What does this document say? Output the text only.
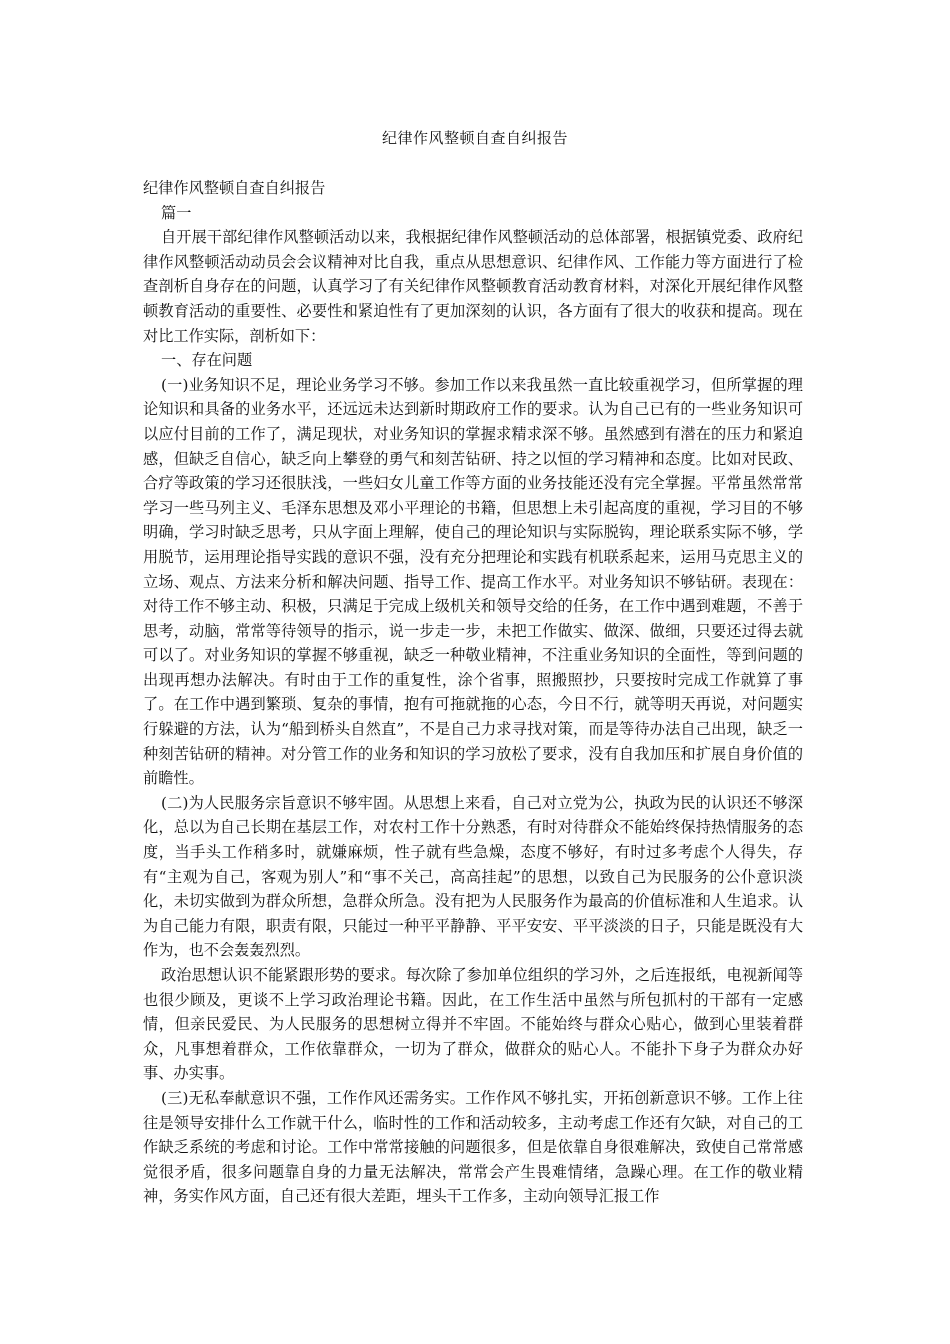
纪律作风整顿自查自纠报告

纪律作风整顿自查自纠报告

篇一

自开展干部纪律作风整顿活动以来，我根据纪律作风整顿活动的总体部署，根据镇党委、政府纪律作风整顿活动动员会会议精神对比自我，重点从思想意识、纪律作风、工作能力等方面进行了检查剖析自身存在的问题，认真学习了有关纪律作风整顿教育活动教育材料，对深化开展纪律作风整顿教育活动的重要性、必要性和紧迫性有了更加深刻的认识，各方面有了很大的收获和提高。现在对比工作实际，剖析如下：

一、存在问题

(一)业务知识不足，理论业务学习不够。参加工作以来我虽然一直比较重视学习，但所掌握的理论知识和具备的业务水平，还远远未达到新时期政府工作的要求。认为自己已有的一些业务知识可以应付目前的工作了，满足现状，对业务知识的掌握求精求深不够。虽然感到有潜在的压力和紧迫感，但缺乏自信心，缺乏向上攀登的勇气和刻苦钻研、持之以恒的学习精神和态度。比如对民政、合疗等政策的学习还很肤浅，一些妇女儿童工作等方面的业务技能还没有完全掌握。平常虽然常常学习一些马列主义、毛泽东思想及邓小平理论的书籍，但思想上未引起高度的重视，学习目的不够明确，学习时缺乏思考，只从字面上理解，使自己的理论知识与实际脱钩，理论联系实际不够，学用脱节，运用理论指导实践的意识不强，没有充分把理论和实践有机联系起来，运用马克思主义的立场、观点、方法来分析和解决问题、指导工作、提高工作水平。对业务知识不够钻研。表现在：对待工作不够主动、积极，只满足于完成上级机关和领导交给的任务，在工作中遇到难题，不善于思考，动脑，常常等待领导的指示，说一步走一步，未把工作做实、做深、做细，只要还过得去就可以了。对业务知识的掌握不够重视，缺乏一种敬业精神，不注重业务知识的全面性，等到问题的出现再想办法解决。有时由于工作的重复性，涂个省事，照搬照抄，只要按时完成工作就算了事了。在工作中遇到繁琐、复杂的事情，抱有可拖就拖的心态，今日不行，就等明天再说，对问题实行躲避的方法，认为“船到桥头自然直”，不是自己力求寻找对策，而是等待办法自己出现，缺乏一种刻苦钻研的精神。对分管工作的业务和知识的学习放松了要求，没有自我加压和扩展自身价值的前瞻性。

(二)为人民服务宗旨意识不够牢固。从思想上来看，自己对立党为公，执政为民的认识还不够深化，总以为自己长期在基层工作，对农村工作十分熟悉，有时对待群众不能始终保持热情服务的态度，当手头工作稍多时，就嫌麻烦，性子就有些急燥，态度不够好，有时过多考虑个人得失，存有“主观为自己，客观为别人”和“事不关己，高高挂起”的思想，以致自己为民服务的公仆意识淡化，未切实做到为群众所想，急群众所急。没有把为人民服务作为最高的价值标准和人生追求。认为自己能力有限，职责有限，只能过一种平平静静、平平安安、平平淡淡的日子，只能是既没有大作为，也不会轰轰烈烈。

政治思想认识不能紧跟形势的要求。每次除了参加单位组织的学习外，之后连报纸，电视新闻等也很少顾及，更谈不上学习政治理论书籍。因此，在工作生活中虽然与所包抓村的干部有一定感情，但亲民爱民、为人民服务的思想树立得并不牢固。不能始终与群众心贴心，做到心里装着群众，凡事想着群众，工作依靠群众，一切为了群众，做群众的贴心人。不能扑下身子为群众办好事、办实事。

(三)无私奉献意识不强，工作作风还需务实。工作作风不够扎实，开拓创新意识不够。工作上往往是领导安排什么工作就干什么，临时性的工作和活动较多，主动考虑工作还有欠缺，对自己的工作缺乏系统的考虑和讨论。工作中常常接触的问题很多，但是依靠自身很难解决，致使自己常常感觉很矛盾，很多问题靠自身的力量无法解决，常常会产生畏难情绪，急躁心理。在工作的敬业精神，务实作风方面，自己还有很大差距，埋头干工作多，主动向领导汇报工作
